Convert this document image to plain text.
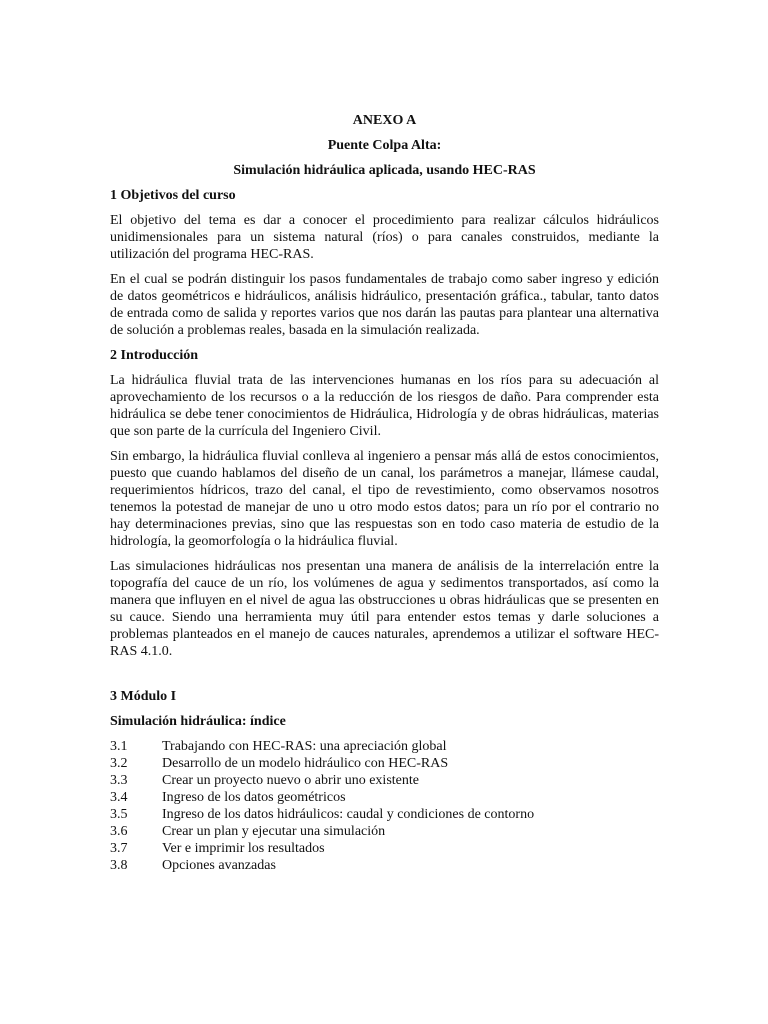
ANEXO A
Puente Colpa Alta:
Simulación hidráulica aplicada, usando HEC-RAS
1 Objetivos del curso

El objetivo del tema es dar a conocer el procedimiento para realizar cálculos hidráulicos unidimensionales para un sistema natural (ríos) o para canales construidos, mediante la utilización del programa HEC-RAS.

En el cual se podrán distinguir los pasos fundamentales de trabajo como saber ingreso y edición de datos geométricos e hidráulicos, análisis hidráulico, presentación gráfica., tabular, tanto datos de entrada como de salida y reportes varios que nos darán las pautas para plantear una alternativa de solución a problemas reales, basada en la simulación realizada.

2 Introducción

La hidráulica fluvial trata de las intervenciones humanas en los ríos para su adecuación al aprovechamiento de los recursos o a la reducción de los riesgos de daño. Para comprender esta hidráulica se debe tener conocimientos de Hidráulica, Hidrología y de obras hidráulicas, materias que son parte de la currícula del Ingeniero Civil.

Sin embargo, la hidráulica fluvial conlleva al ingeniero a pensar más allá de estos conocimientos, puesto que cuando hablamos del diseño de un canal, los parámetros a manejar, llámese caudal, requerimientos hídricos, trazo del canal, el tipo de revestimiento, como observamos nosotros tenemos la potestad de manejar de uno u otro modo estos datos; para un río por el contrario no hay determinaciones previas, sino que las respuestas son en todo caso materia de estudio de la hidrología, la geomorfología o la hidráulica fluvial.

Las simulaciones hidráulicas nos presentan una manera de análisis de la interrelación entre la topografía del cauce de un río, los volúmenes de agua y sedimentos transportados, así como la manera que influyen en el nivel de agua las obstrucciones u obras hidráulicas que se presenten en su cauce. Siendo una herramienta muy útil para entender estos temas y darle soluciones a problemas planteados en el manejo de cauces naturales, aprendemos a utilizar el software HEC-RAS 4.1.0.

3 Módulo I
Simulación hidráulica: índice
3.1	Trabajando con HEC-RAS: una apreciación global
3.2	Desarrollo de un modelo hidráulico con HEC-RAS
3.3	Crear un proyecto nuevo o abrir uno existente
3.4	Ingreso de los datos geométricos
3.5	Ingreso de los datos hidráulicos: caudal y condiciones de contorno
3.6	Crear un plan y ejecutar una simulación
3.7	Ver e imprimir los resultados
3.8	Opciones avanzadas
